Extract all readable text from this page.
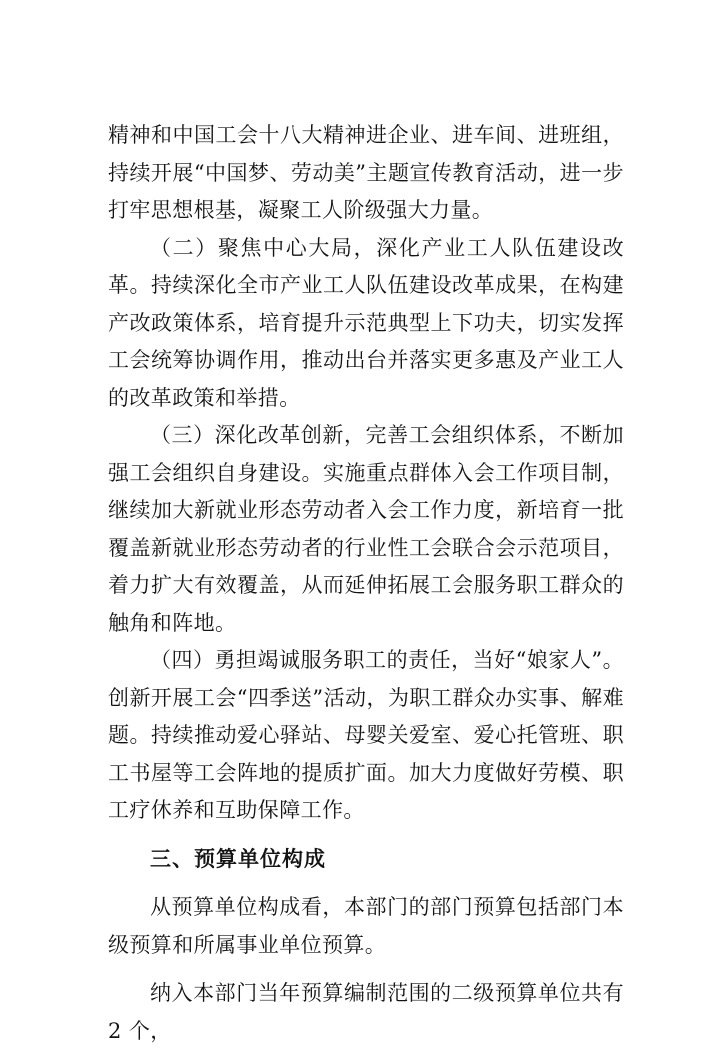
精神和中国工会十八大精神进企业、进车间、进班组，持续开展“中国梦、劳动美”主题宣传教育活动，进一步打牢思想根基，凝聚工人阶级强大力量。

（二）聚焦中心大局，深化产业工人队伍建设改革。持续深化全市产业工人队伍建设改革成果，在构建产改政策体系，培育提升示范典型上下功夫，切实发挥工会统筹协调作用，推动出台并落实更多惠及产业工人的改革政策和举措。

（三）深化改革创新，完善工会组织体系，不断加强工会组织自身建设。实施重点群体入会工作项目制，继续加大新就业形态劳动者入会工作力度，新培育一批覆盖新就业形态劳动者的行业性工会联合会示范项目，着力扩大有效覆盖，从而延伸拓展工会服务职工群众的触角和阵地。

（四）勇担竭诚服务职工的责任，当好“娘家人”。创新开展工会“四季送”活动，为职工群众办实事、解难题。持续推动爱心驿站、母婴关爱室、爱心托管班、职工书屋等工会阵地的提质扩面。加大力度做好劳模、职工疗休养和互助保障工作。

三、预算单位构成

从预算单位构成看，本部门的部门预算包括部门本级预算和所属事业单位预算。

纳入本部门当年预算编制范围的二级预算单位共有 2 个，
